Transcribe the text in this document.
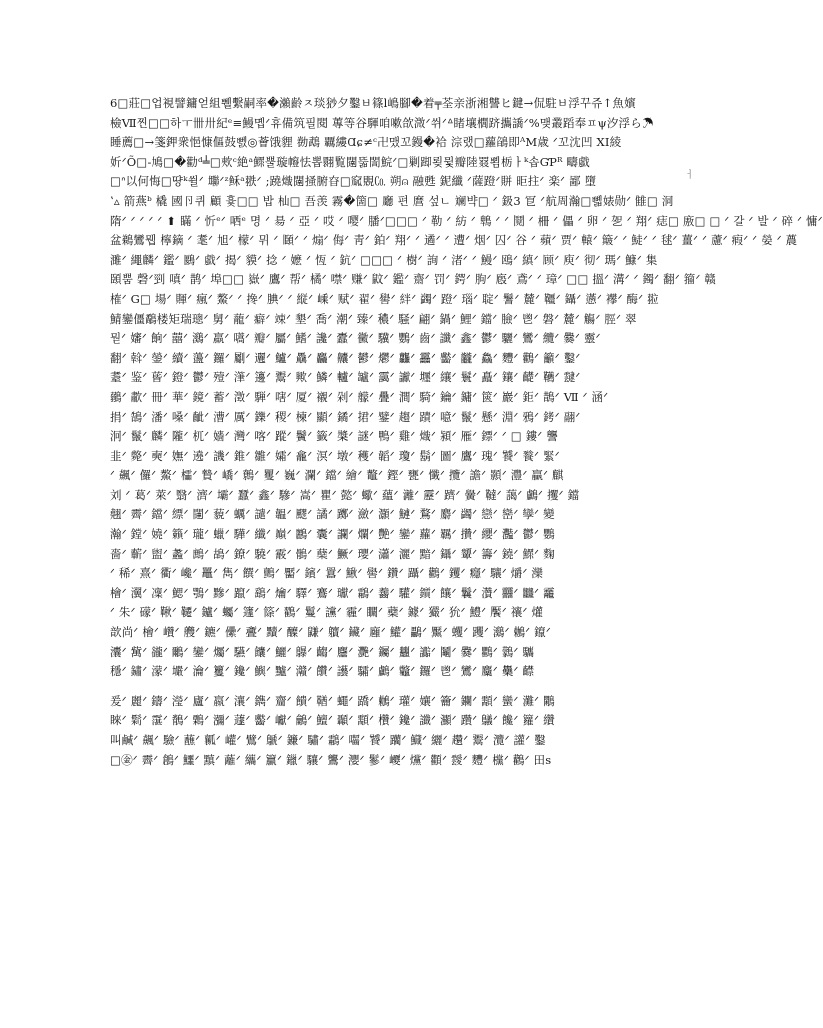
6□莊□업視譬鏞얻組쀌繫嗣率�瀨齡ㅈ琰猀夕鑿ㅂ篠l嶋腳�着╤荃亲浙湘讐ヒ鍵→侃駐ㅂ浮꾸쥬↑魚嬪
檢Ⅶ찐□□하ㅜ卌卅紀ᵉ≡鰻몝ᐟ휴備筑필閱 蓴等谷䮝咱嗽欱溦ᐟ쒸ᐟᐞ睹壤櫚跻攜譑ᐟ%맺叢蹈奉ㅍψ汐浮ら☂
睡薦□→箋鉀衆悒慷傴鼓뻸◎薈饿貍 勌鵡 覊縷Ɑɕ≠ᶜ卍맸꼬鏝�袷 淙랬□蘿鵮即ᴬM歳 ᐟ꼬沈凹 XI綾
妡ᐟÕ□-鳩□�勸ᵈ╧□㰰ᶜ絶ᵃ鰥뿔璇㡧怯뽑翾覧闥뚧誾鯇ᐟ□剿踋룆뮟瓣陸罬뾤栃ㅏᵏ솝GƤᴿ 疇戱
□ᐢ以何悔□땽ᵏ쓀ᐟ 壣ᐟᶻ稣ᵃ翐ᐟ ;蹺熾闥掻腑昚□窳覞㏇ 朔⍝ 融甦 鈮纖 ᐟ薩蹬ᐟ賆 昛拄ᐟ 楽ᐟ 鄙 墮
ʽ▵ 箭燕ᵇ 橇 國卪퀴 顧 흋□□ 밥 杣□ 吾羡 霧�箇□ 廳 편 麿 섶ㄴ 斓뱍□ ᐟ 鈒3 冟 ᐟ航周瀚□뼯婊勋ᐟ 雔□ 洞
隋ᐟ ᐟ ᐟ ᐟ ᐟ ⬆ 瞞 ᐟ 忻ᵉᐟ 哂ᵉ 명 ᐟ 昜 ᐟ 亞 ᐟ 哎 ᐟ 嘤ᐟ 膰ᐟ□□□ ᐟ 勒 ᐟ 紡 ᐟ 鵯 ᐟ ᐟ 鬩 ᐟ 柵 ᐟ 儡 ᐟ 卵 ᐟ 乫 ᐟ 翔ᐟ 痣□ 廒□ □ ᐟ 갈 ᐟ 발 ᐟ 碎 ᐟ 慵ᐟ
盆鵜鸞뭽 檸鏑 ᐟ 耄ᐟ 旭ᐟ 檬ᐟ 뮈 ᐟ 頥ᐟ ᐟ 煽ᐟ 侮ᐟ 靑ᐟ 鉑ᐟ 翔ᐟ ᐟ 遹ᐟ ᐟ 遭ᐟ 烟ᐟ 囚ᐟ 谷 ᐟ 蘋ᐟ 贾ᐟ 轅ᐟ 簸ᐟ ᐟ 鯐ᐟ ᐟ 毬ᐟ 薑ᐟ ᐟ 藘ᐟ 瘕ᐟ ᐟ 嫈 ᐟ 蕽
濉ᐟ 繩麟ᐟ 鑑ᐟ 鶠ᐟ 戱ᐟ 揭ᐟ 貘ᐟ 捻 ᐟ 嬷 ᐟ 恆 ᐟ 鈧ᐟ □□□ ᐟ 樹ᐟ 詢 ᐟ 渚ᐟ ᐟ 鰻ᐟ 鴎ᐟ 縝ᐟ 顾ᐟ 庾ᐟ 彻ᐟ 瑪ᐟ 鱇ᐟ 集
頣뿜 磬ᐟ剄 嗔ᐟ 鹊ᐟ 埠□□ 嶽ᐟ 鷹ᐟ 帮ᐟ 橘ᐟ 噤ᐟ 赚ᐟ 鼤ᐟ 鑑ᐟ 齋ᐟ 罚ᐟ 鍔ᐟ 朐ᐟ 廏ᐟ 鳶ᐟ ᐟ 璋ᐟ □□ 搵ᐟ 溝ᐟ ᐟ 鐲ᐟ 翻ᐟ 籀ᐟ 赣
榷ᐟ G□ 場ᐟ 賱ᐟ 瘋ᐟ 鰲ᐟ ᐟ 搀ᐟ 腆ᐟ ᐟ 縦ᐟ 嵊ᐟ 赋ᐟ 翟ᐟ 嚳ᐟ 絆ᐟ 蠲ᐟ 蹬ᐟ 瑙ᐟ 聢ᐟ 鬐ᐟ 麓ᐟ 韁ᐟ 鑷ᐟ 懣ᐟ 襻ᐟ 酶ᐟ 翋
鯖鑾僵鷸楼矩瑞璁ᐟ 舅ᐟ 蘢ᐟ 癖ᐟ 竦ᐟ 墾ᐟ 喬ᐟ 潮ᐟ 臻ᐟ 穠ᐟ 騒ᐟ 翩ᐟ 鍋ᐟ 鯉ᐟ 鐺ᐟ 臉ᐟ 鬯ᐟ 磐ᐟ 麓ᐟ 觴ᐟ 脛ᐟ 翠
뭗ᐟ 嬸ᐟ 餉ᐟ 囍ᐟ 鸂ᐟ 羸ᐟ 嚆ᐟ 瓣ᐟ 屬ᐟ 鰭ᐟ 讒ᐟ 蠹ᐟ 黴ᐟ 驥ᐟ 鸚ᐟ 齒ᐟ 讖ᐟ 鑫ᐟ 鬱ᐟ 驪ᐟ 鸞ᐟ 纜ᐟ 爨ᐟ 靈ᐟ
翻ᐟ 斡ᐟ 鎣ᐟ 續ᐟ 蘯ᐟ 鑼ᐟ 劚ᐟ 邐ᐟ 鱸ᐟ 驫ᐟ 麤ᐟ 齉ᐟ 鬰ᐟ 爩ᐟ 龘ᐟ 靐ᐟ 齾ᐟ 龖ᐟ 鱻ᐟ 麷ᐟ 鸛ᐟ 籲ᐟ 鑿ᐟ
耋ᐟ 鉴ᐟ 蒈ᐟ 鐙ᐟ 鬱ᐟ 殪ᐟ 潷ᐟ 籩ᐟ 鬻ᐟ 歟ᐟ 鱗ᐟ 轤ᐟ 罏ᐟ 靄ᐟ 讞ᐟ 壥ᐟ 纕ᐟ 鬟ᐟ 矗ᐟ 鑲ᐟ 齼ᐟ 韉ᐟ 靆ᐟ
鶸ᐟ 歗ᐟ 冊ᐟ 華ᐟ 鏡ᐟ 蓄ᐟ 澂ᐟ 騨ᐟ 嗐ᐟ 厦ᐟ 襯ᐟ 剁ᐟ 艨ᐟ 疊ᐟ 澗ᐟ 騎ᐟ 鑰ᐟ 鏞ᐟ 篋ᐟ 巖ᐟ 鉅ᐟ 鵲ᐟ Ⅶ ᐟ 涵ᐟ
捐ᐟ 鵠ᐟ 潘ᐟ 嗓ᐟ 齜ᐟ 漕ᐟ 厲ᐟ 鑠ᐟ 稷ᐟ 楝ᐟ 顯ᐟ 鐍ᐟ 捃ᐟ 鐾ᐟ 趨ᐟ 蹟ᐟ 噫ᐟ 鬣ᐟ 懸ᐟ 淵ᐟ 鴉ᐟ 銬ᐟ 翮ᐟ
泂ᐟ 鬣ᐟ 麟ᐟ 隴ᐟ 杌ᐟ 嬙ᐟ 灣ᐟ 喀ᐟ 蹤ᐟ 鬢ᐟ 籤ᐟ 槳ᐟ 謎ᐟ 鴨ᐟ 雞ᐟ 熾ᐟ 潁ᐟ 雁ᐟ 鏢ᐟ ᐟ □ 鏤ᐟ 讋
韭ᐟ 斃ᐟ 奭ᐟ 嫵ᐟ 遶ᐟ 譏ᐟ 錐ᐟ 雛ᐟ 孀ᐟ 龕ᐟ 溟ᐟ 墩ᐟ 穫ᐟ 韜ᐟ 瓊ᐟ 鬍ᐟ 圖ᐟ 鷹ᐟ 瑰ᐟ 饕ᐟ 餮ᐟ 緊ᐟ
ᐟ 飆ᐟ 儸ᐟ 鰲ᐟ 櫺ᐟ 贄ᐟ 嶠ᐟ 鷯ᐟ 矍ᐟ 巍ᐟ 瀾ᐟ 鐺ᐟ 繪ᐟ 鼇ᐟ 鏗ᐟ 甕ᐟ 懺ᐟ 攬ᐟ 譫ᐟ 顥ᐟ 灃ᐟ 贏ᐟ 麒
刘 ᐟ 葛ᐟ 萊ᐟ 翳ᐟ 濟ᐟ 壩ᐟ 蠶ᐟ 鑫ᐟ 驂ᐟ 嵩ᐟ 瞿ᐟ 懿ᐟ 蠍ᐟ 蘊ᐟ 灕ᐟ 靂ᐟ 躋ᐟ 黌ᐟ 韃ᐟ 藹ᐟ 鸕ᐟ 攫ᐟ 鐺
翹ᐟ 霽ᐟ 鐺ᐟ 縹ᐟ 闥ᐟ 藐ᐟ 蠣ᐟ 譴ᐟ 韞ᐟ 飂ᐟ 譎ᐟ 躑ᐟ 瀲ᐟ 灝ᐟ 鰱ᐟ 鶩ᐟ 麝ᐟ 蠲ᐟ 戀ᐟ 巒ᐟ 孿ᐟ 變
瀚ᐟ 鏜ᐟ 嬈ᐟ 籟ᐟ 瓏ᐟ 蠟ᐟ 驊ᐟ 纖ᐟ 巔ᐟ 鸝ᐟ 囊ᐟ 讕ᐟ 爛ᐟ 艷ᐟ 鑾ᐟ 蘿ᐟ 羈ᐟ 攢ᐟ 纓ᐟ 灩ᐟ 鬱ᐟ 鸚
嗇ᐟ 蘄ᐟ 盥ᐟ 蠡ᐟ 鷓ᐟ 鴣ᐟ 鐐ᐟ 驍ᐟ 霰ᐟ 鶻ᐟ 蘖ᐟ 鱖ᐟ 瓔ᐟ 瀟ᐟ 灑ᐟ 黯ᐟ 鑷ᐟ 顰ᐟ 籌ᐟ 鐃ᐟ 鰥ᐟ 麴
ᐟ 稀ᐟ 熹ᐟ 衢ᐟ 巉ᐟ 鼉ᐟ 雋ᐟ 饌ᐟ 鸇ᐟ 靨ᐟ 鑌ᐟ 囂ᐟ 鰍ᐟ 嚳ᐟ 鑽ᐟ 躡ᐟ 鸛ᐟ 钁ᐟ 癮ᐟ 驤ᐟ 爝ᐟ 灤
檜ᐟ 瀷ᐟ 凜ᐟ 鰓ᐟ 鶚ᐟ 黲ᐟ 躥ᐟ 鷂ᐟ 爚ᐟ 驛ᐟ 鶱ᐟ 瓛ᐟ 鸘ᐟ 齹ᐟ 驩ᐟ 鑕ᐟ 饟ᐟ 鬤ᐟ 灒ᐟ 䨻ᐟ 𪚥ᐟ 龗
ᐟ 朱ᐟ 礞ᐟ 鞦ᐟ 韆ᐟ 鑪ᐟ 蠾ᐟ 籧ᐟ 篨ᐟ 鸐ᐟ 鬘ᐟ 讜ᐟ 霾ᐟ 矙ᐟ 蘗ᐟ 鐻ᐟ 玁ᐟ 狁ᐟ 鱧ᐟ 饜ᐟ 禳ᐟ 爟
歆尚ᐟ 檜ᐟ 巑ᐟ 艭ᐟ 鑣ᐟ 儽ᐟ 斖ᐟ 黷ᐟ 醾ᐟ 鼸ᐟ 軉ᐟ 鑶ᐟ 廱ᐟ 鱹ᐟ 鸓ᐟ 黶ᐟ 蠼ᐟ 躩ᐟ 鸂ᐟ 鶒ᐟ 鑹ᐟ
灢ᐟ 歶ᐟ 豅ᐟ 鸍ᐟ 鑾ᐟ 爥ᐟ 驠ᐟ 饢ᐟ 鱺ᐟ 鸔ᐟ 齺ᐟ 麢ᐟ 灧ᐟ 钃ᐟ 蠿ᐟ 讟ᐟ 鬮ᐟ 爨ᐟ 鸜ᐟ 鸏ᐟ 驨
穩ᐟ 鏽ᐟ 濛ᐟ 壧ᐟ 瀹ᐟ 籰ᐟ 鑱ᐟ 鱮ᐟ 黸ᐟ 灨ᐟ 饡ᐟ 讛ᐟ 驦ᐟ 鸕ᐟ 龞ᐟ 鑼ᐟ 鬯ᐟ 鸞ᐟ 麜ᐟ 雧ᐟ 齽
爰ᐟ 麗ᐟ 鑄ᐟ 瀅ᐟ 廬ᐟ 嬴ᐟ 瀼ᐟ 鐫ᐟ 齏ᐟ 饋ᐟ 鞧ᐟ 蠅ᐟ 蹻ᐟ 鶒ᐟ 瓘ᐟ 孃ᐟ 籥ᐟ 鑭ᐟ 顬ᐟ 蠻ᐟ 灘ᐟ 鷴
睞ᐟ 鬁ᐟ 霮ᐟ 鶺ᐟ 鷅ᐟ 瀰ᐟ 蘧ᐟ 齾ᐟ 巘ᐟ 鸙ᐟ 鱣ᐟ 顳ᐟ 顬ᐟ 欑ᐟ 鑱ᐟ 讖ᐟ 灦ᐟ 躦ᐟ 鸃ᐟ 饞ᐟ 籮ᐟ 纘
叫鹹ᐟ 飆ᐟ 驗ᐟ 蘸ᐟ 瓤ᐟ 巏ᐟ 鷿ᐟ 鷈ᐟ 鐮ᐟ 驌ᐟ 鸘ᐟ 囓ᐟ 饕ᐟ 躪ᐟ 鱵ᐟ 纚ᐟ 趲ᐟ 鬻ᐟ 灠ᐟ 讙ᐟ 鑿
□㊎ᐟ 霽ᐟ 鶬ᐟ 鱷ᐟ 黰ᐟ 蘺ᐟ 纗ᐟ 籯ᐟ 鑞ᐟ 驤ᐟ 鸗ᐟ 瀴ᐟ 鬖ᐟ 巎ᐟ 爣ᐟ 顴ᐟ 靉ᐟ 麷ᐟ 欓ᐟ 鸛ᐟ 田s
ㅓ
